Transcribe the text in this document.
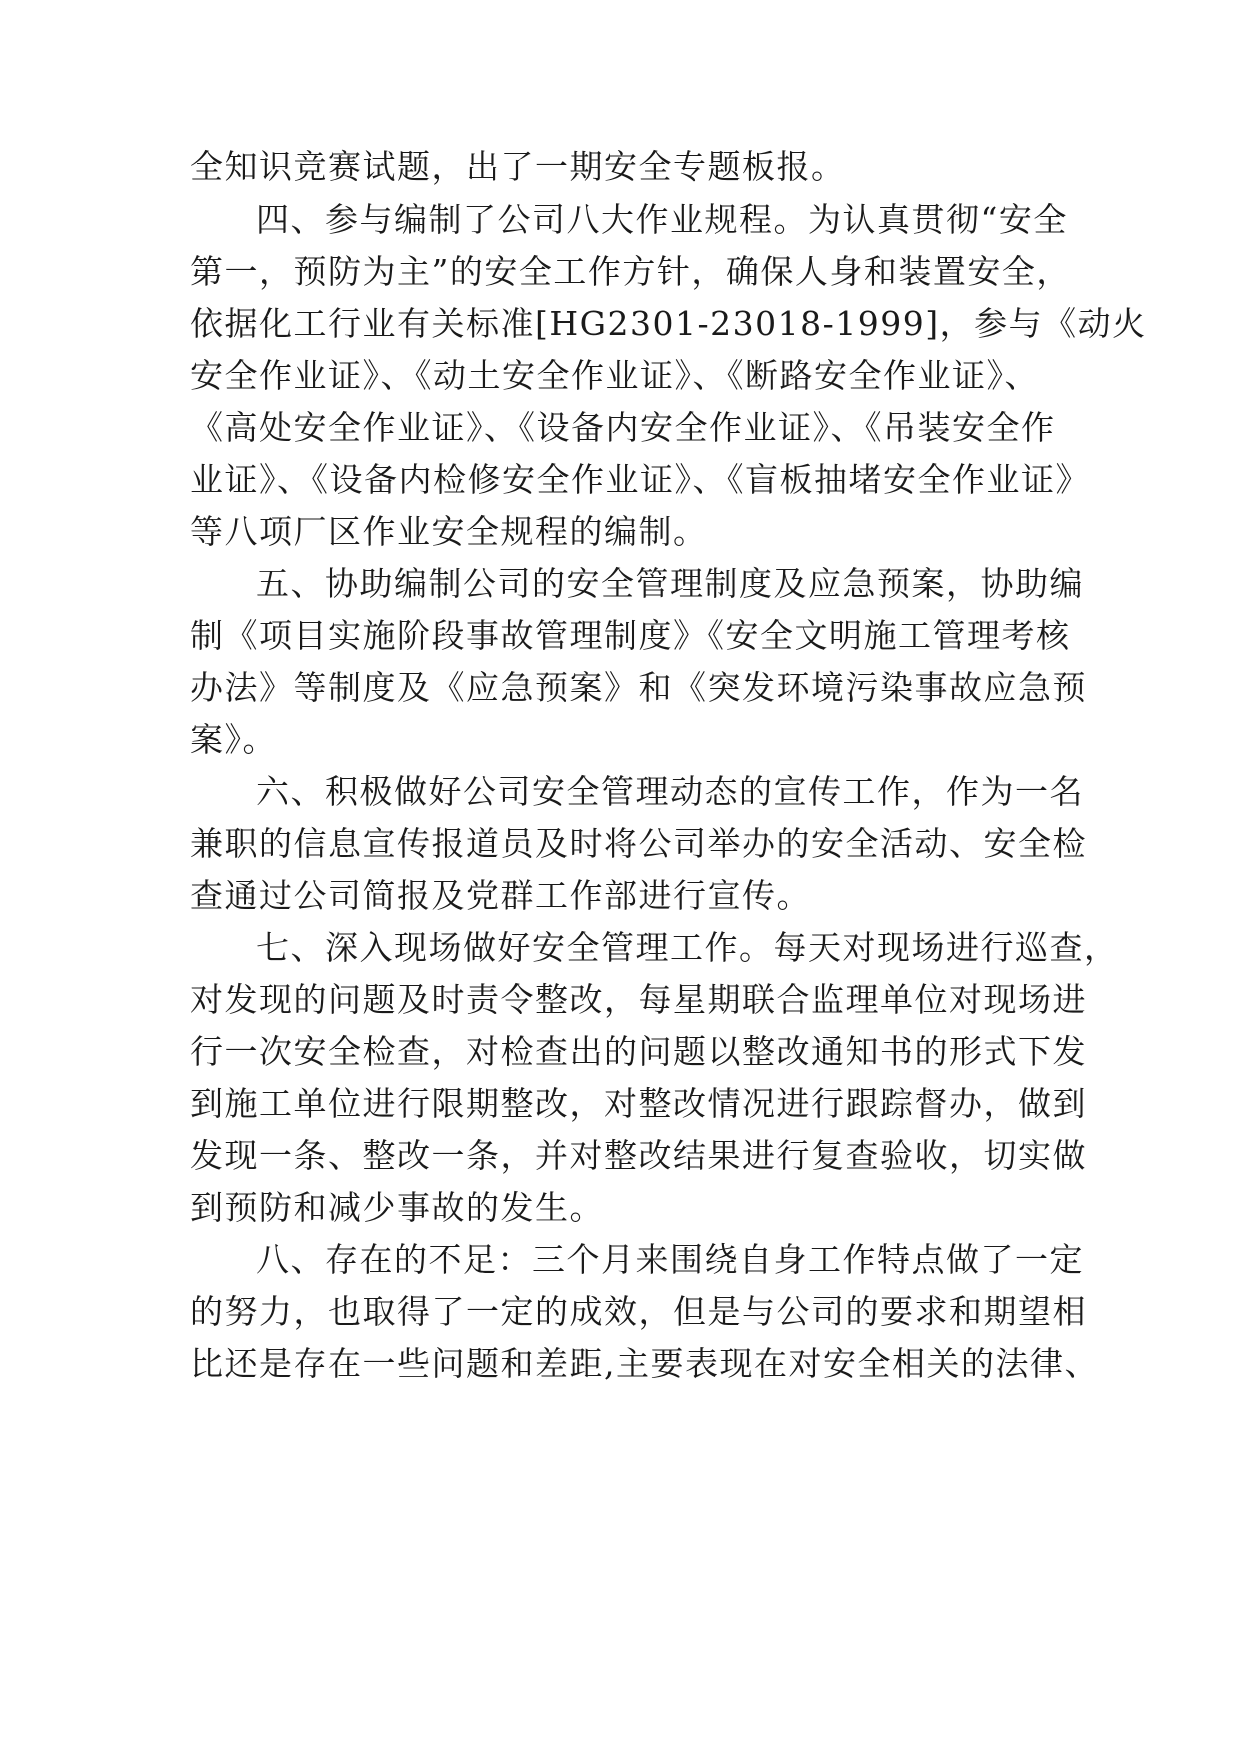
全知识竞赛试题，出了一期安全专题板报。
四、参与编制了公司八大作业规程。为认真贯彻“安全
第一，预防为主”的安全工作方针，确保人身和装置安全，
依据化工行业有关标准[HG2301-23018-1999]，参与《动火
安全作业证》、《动土安全作业证》、《断路安全作业证》、
《高处安全作业证》、《设备内安全作业证》、《吊装安全作
业证》、《设备内检修安全作业证》、《盲板抽堵安全作业证》
等八项厂区作业安全规程的编制。
五、协助编制公司的安全管理制度及应急预案，协助编
制《项目实施阶段事故管理制度》《安全文明施工管理考核
办法》等制度及《应急预案》和《突发环境污染事故应急预
案》。
六、积极做好公司安全管理动态的宣传工作，作为一名
兼职的信息宣传报道员及时将公司举办的安全活动、安全检
查通过公司简报及党群工作部进行宣传。
七、深入现场做好安全管理工作。每天对现场进行巡查，
对发现的问题及时责令整改，每星期联合监理单位对现场进
行一次安全检查，对检查出的问题以整改通知书的形式下发
到施工单位进行限期整改，对整改情况进行跟踪督办，做到
发现一条、整改一条，并对整改结果进行复查验收，切实做
到预防和减少事故的发生。
八、存在的不足：三个月来围绕自身工作特点做了一定
的努力，也取得了一定的成效，但是与公司的要求和期望相
比还是存在一些问题和差距,主要表现在对安全相关的法律、
